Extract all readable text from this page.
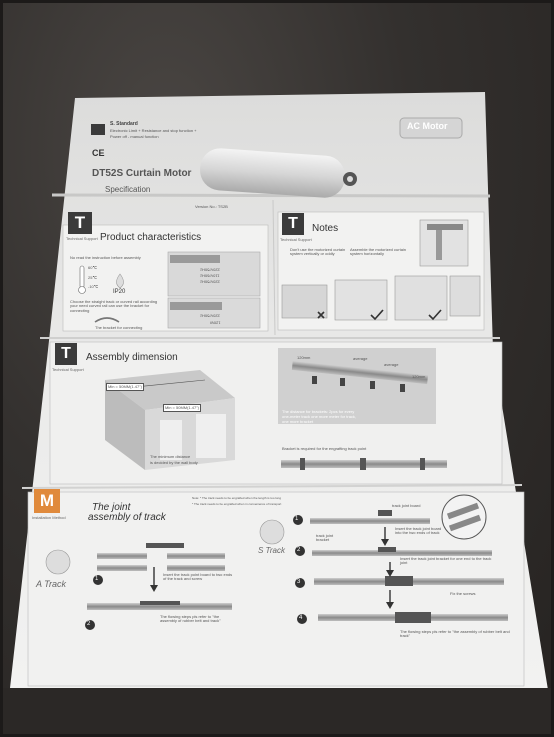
S. Standard
Electronic Limit + Resistance and stop function +
Power off - manual function
CE
AC Motor
DT52S Curtain Motor
Specification
Version No.: TS2B
T
Technical Support Product characteristics
No read the instruction before assembly
60℃
25℃
-10℃
IP20
220V/50Hz
110V/60Hz
220V/50Hz
220V/50Hz
120W
Choose the straight track or curved rail according your need curved rail can use the bracket for connecting
The bracket for connecting
T
Technical Support
Notes
Don't use the motorized curtain system vertically or oddly
Assemble the motorized curtain system horizontally
T
Technical Support
Assembly dimension
Min = 50MM(1.47")
Min = 50MM(1.47")
The minimum distance
is decided by the wall body
120mm	average
average
120mm
The distance for brackets: 2pcs for every
one-meter track one more meter for track,
one more bracket
Bracket is required for the engrafting track point
M
Installation Method
The joint
assembly of track
Note: * The track needs to be engrafted when the length is too long
* The track needs to be engrafted when in convenience of transport
A Track
S Track
Insert the track point board to two ends of the track and screw
The flowing steps pls refer to "the assembly of rubber belt and track"
track joint board
track joint bracket
Insert the track joint board into the two ends of track
Insert the track joint bracket for one end to the track joint
Fix the screws
The flowing steps pls refer to "the assembly of rubber belt and track"
1
2
1
2
3
4
